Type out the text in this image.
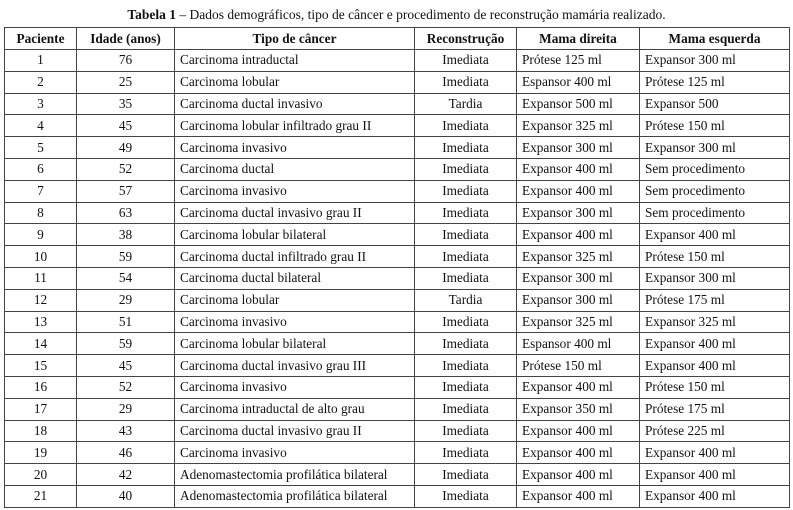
Tabela 1 – Dados demográficos, tipo de câncer e procedimento de reconstrução mamária realizado.
Paciente	Idade (anos)	Tipo de câncer	Reconstrução	Mama direita	Mama esquerda
1	76	Carcinoma intraductal	Imediata	Prótese 125 ml	Expansor 300 ml
2	25	Carcinoma lobular	Imediata	Espansor 400 ml	Prótese 125 ml
3	35	Carcinoma ductal invasivo	Tardia	Expansor 500 ml	Expansor 500
4	45	Carcinoma lobular infiltrado grau II	Imediata	Expansor 325 ml	Prótese 150 ml
5	49	Carcinoma invasivo	Imediata	Expansor 300 ml	Expansor 300 ml
6	52	Carcinoma ductal	Imediata	Expansor 400 ml	Sem procedimento
7	57	Carcinoma invasivo	Imediata	Expansor 400 ml	Sem procedimento
8	63	Carcinoma ductal invasivo grau II	Imediata	Expansor 300 ml	Sem procedimento
9	38	Carcinoma lobular bilateral	Imediata	Expansor 400 ml	Expansor 400 ml
10	59	Carcinoma ductal infiltrado grau II	Imediata	Expansor 325 ml	Prótese 150 ml
11	54	Carcinoma ductal bilateral	Imediata	Expansor 300 ml	Expansor 300 ml
12	29	Carcinoma lobular	Tardia	Expansor 300 ml	Prótese 175 ml
13	51	Carcinoma invasivo	Imediata	Expansor 325 ml	Expansor 325 ml
14	59	Carcinoma lobular bilateral	Imediata	Espansor 400 ml	Expansor 400 ml
15	45	Carcinoma ductal invasivo grau III	Imediata	Prótese 150 ml	Expansor 400 ml
16	52	Carcinoma invasivo	Imediata	Expansor 400 ml	Prótese 150 ml
17	29	Carcinoma intraductal de alto grau	Imediata	Expansor 350 ml	Prótese 175 ml
18	43	Carcinoma ductal invasivo grau II	Imediata	Expansor 400 ml	Prótese 225 ml
19	46	Carcinoma invasivo	Imediata	Expansor 400 ml	Expansor 400 ml
20	42	Adenomastectomia profilática bilateral	Imediata	Expansor 400 ml	Expansor 400 ml
21	40	Adenomastectomia profilática bilateral	Imediata	Expansor 400 ml	Expansor 400 ml
